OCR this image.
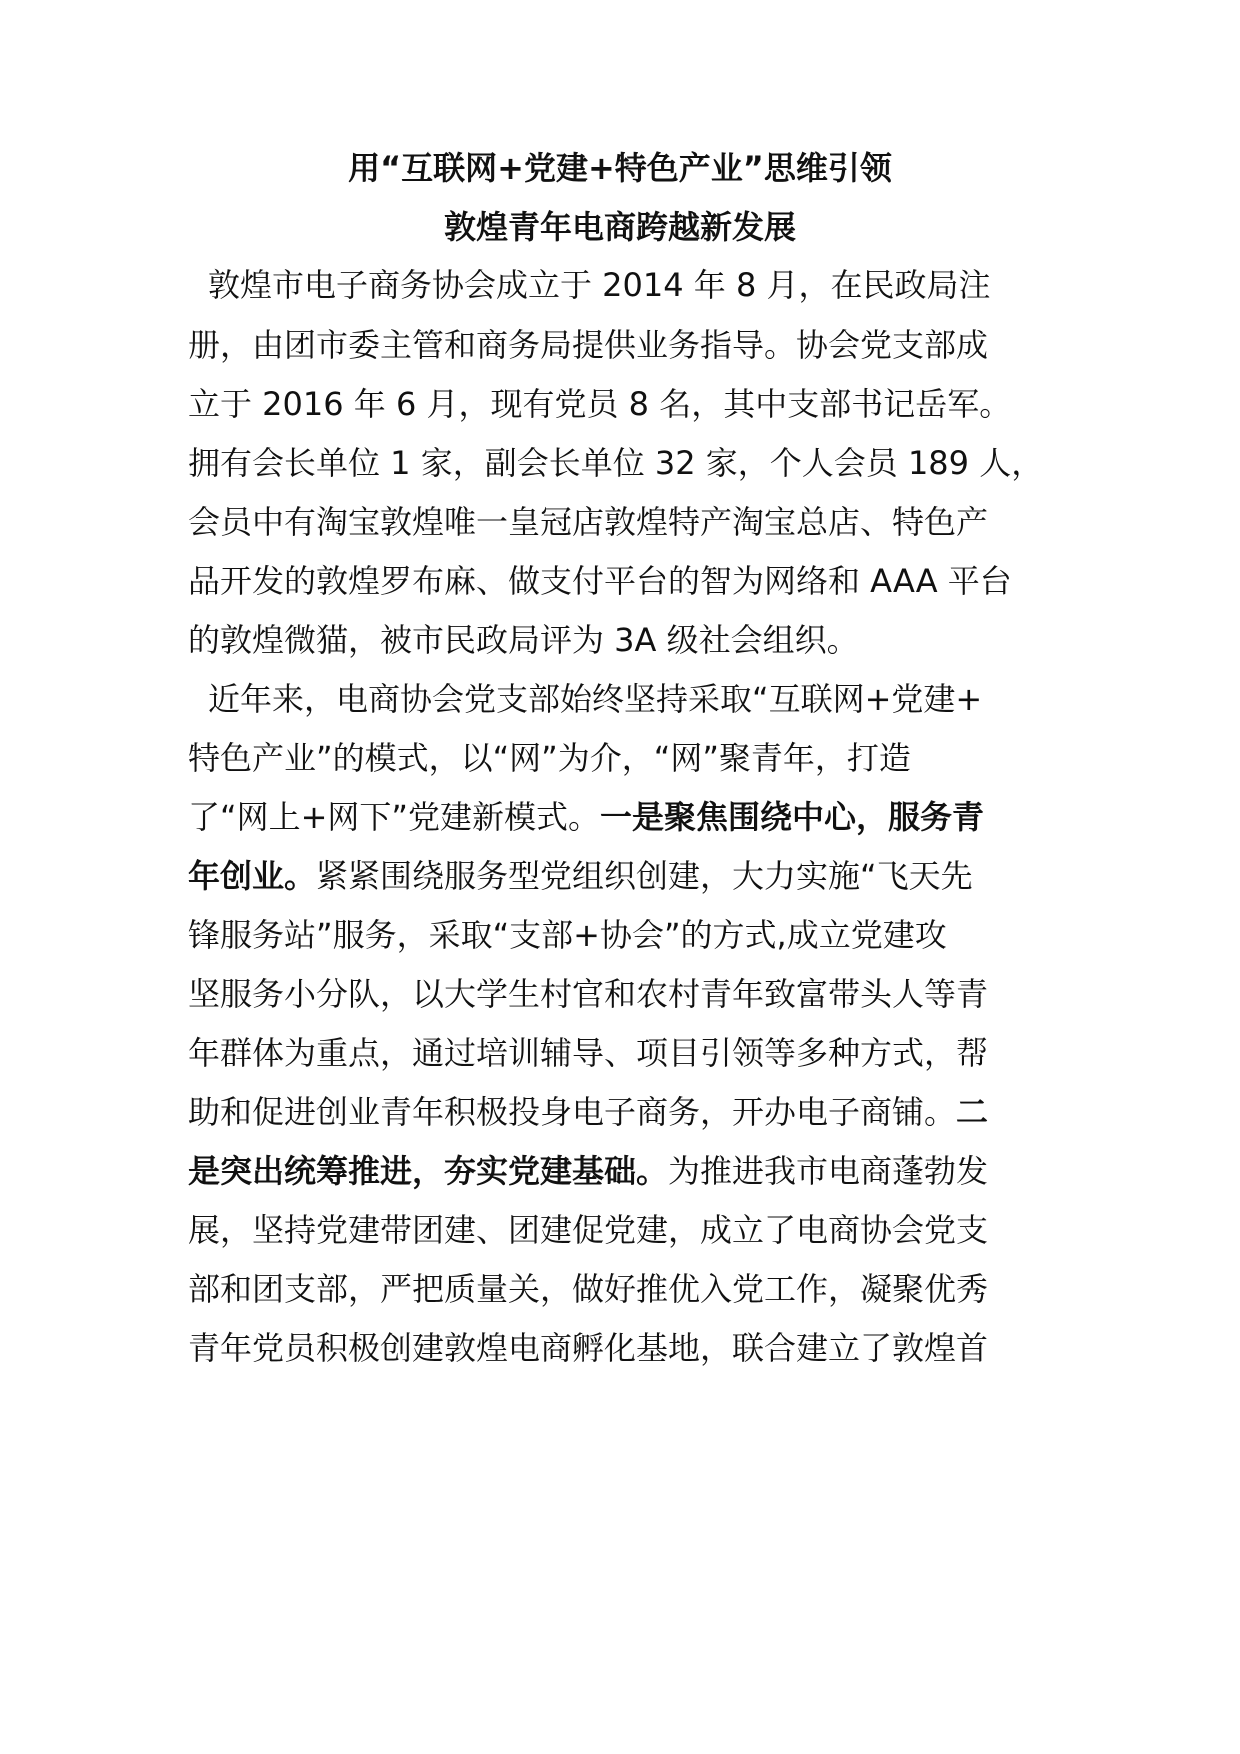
用“互联网+党建+特色产业”思维引领
敦煌青年电商跨越新发展
敦煌市电子商务协会成立于 2014 年 8 月，在民政局注
册，由团市委主管和商务局提供业务指导。协会党支部成
立于 2016 年 6 月，现有党员 8 名，其中支部书记岳军。
拥有会长单位 1 家，副会长单位 32 家，个人会员 189 人，
会员中有淘宝敦煌唯一皇冠店敦煌特产淘宝总店、特色产
品开发的敦煌罗布麻、做支付平台的智为网络和 AAA 平台
的敦煌微猫，被市民政局评为 3A 级社会组织。
近年来，电商协会党支部始终坚持采取“互联网+党建+
特色产业”的模式，以“网”为介，“网”聚青年，打造
了“网上+网下”党建新模式。一是聚焦围绕中心，服务青
年创业。紧紧围绕服务型党组织创建，大力实施“飞天先
锋服务站”服务，采取“支部+协会”的方式,成立党建攻
坚服务小分队，以大学生村官和农村青年致富带头人等青
年群体为重点，通过培训辅导、项目引领等多种方式，帮
助和促进创业青年积极投身电子商务，开办电子商铺。二
是突出统筹推进，夯实党建基础。为推进我市电商蓬勃发
展，坚持党建带团建、团建促党建，成立了电商协会党支
部和团支部，严把质量关，做好推优入党工作，凝聚优秀
青年党员积极创建敦煌电商孵化基地，联合建立了敦煌首
